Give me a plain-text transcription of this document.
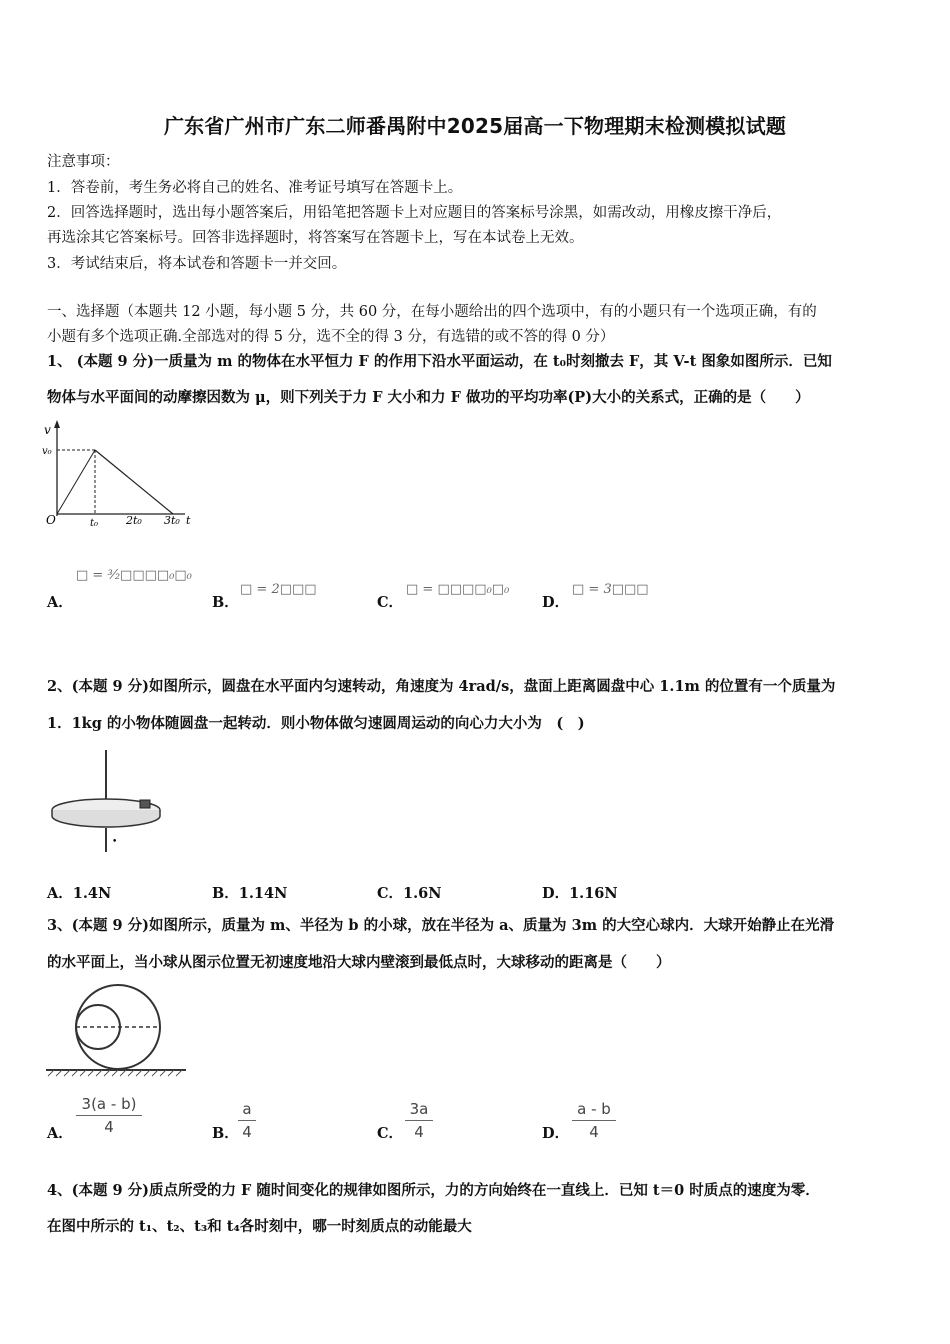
广东省广州市广东二师番禺附中2025届高一下物理期末检测模拟试题
注意事项：
1．答卷前，考生务必将自己的姓名、准考证号填写在答题卡上。
2．回答选择题时，选出每小题答案后，用铅笔把答题卡上对应题目的答案标号涂黑，如需改动，用橡皮擦干净后，
再选涂其它答案标号。回答非选择题时，将答案写在答题卡上，写在本试卷上无效。
3．考试结束后，将本试卷和答题卡一并交回。
一、选择题（本题共 12 小题，每小题 5 分，共 60 分，在每小题给出的四个选项中，有的小题只有一个选项正确，有的
小题有多个选项正确.全部选对的得 5 分，选不全的得 3 分，有选错的或不答的得 0 分）
1、 (本题 9 分)一质量为 m 的物体在水平恒力 F 的作用下沿水平面运动，在 t₀时刻撤去 F，其 V-t 图象如图所示．已知
物体与水平面间的动摩擦因数为 μ，则下列关于力 F 大小和力 F 做功的平均功率(P)大小的关系式，正确的是（　　）
v
v₀
O	t₀	2t₀ 3t₀ t
A．
□ = ³⁄₂□□□□₀□₀
B．
□ = 2□□□
C．
□ = □□□□₀□₀
D．
□ = 3□□□
2、(本题 9 分)如图所示，圆盘在水平面内匀速转动，角速度为 4rad/s，盘面上距离圆盘中心 1.1m 的位置有一个质量为
1．1kg 的小物体随圆盘一起转动．则小物体做匀速圆周运动的向心力大小为　(　)
•
A．1.4N	B．1.14N	C．1.6N	D．1.16N
3、(本题 9 分)如图所示，质量为 m、半径为 b 的小球，放在半径为 a、质量为 3m 的大空心球内．大球开始静止在光滑
的水平面上，当小球从图示位置无初速度地沿大球内壁滚到最低点时，大球移动的距离是（　　）
A．
3(a - b)
4	B．
a
4	C．
3a
4	D．
a - b
4
4、(本题 9 分)质点所受的力 F 随时间变化的规律如图所示，力的方向始终在一直线上．已知 t＝0 时质点的速度为零．
在图中所示的 t₁、t₂、t₃和 t₄各时刻中，哪一时刻质点的动能最大
